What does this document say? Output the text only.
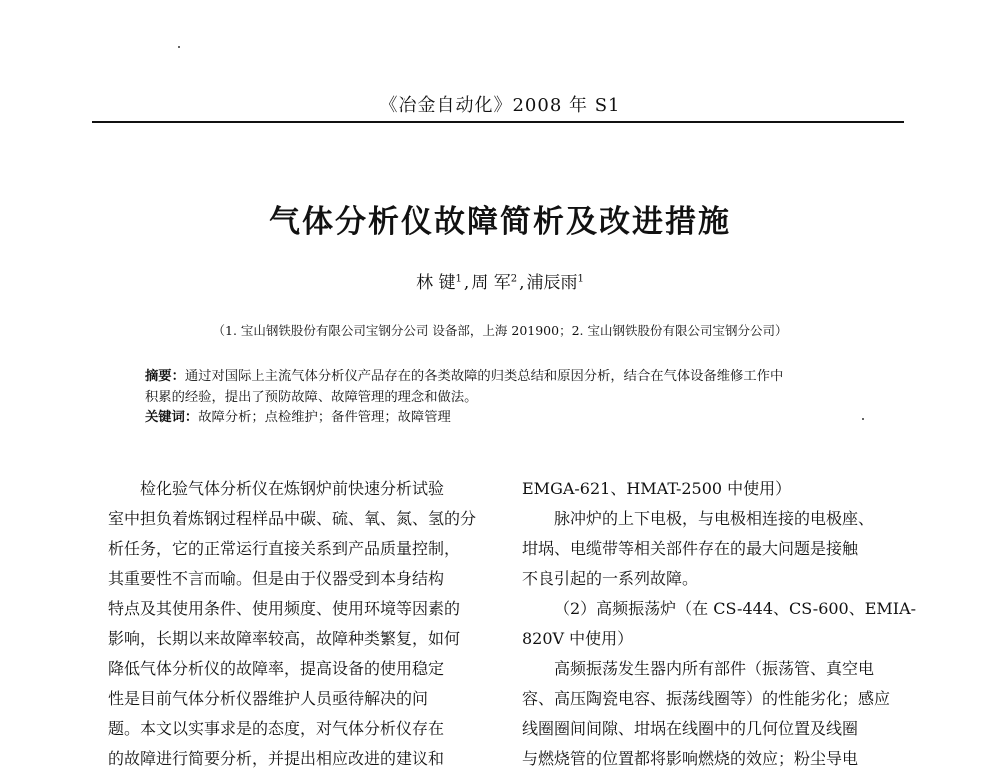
《冶金自动化》2008 年 S1
气体分析仪故障简析及改进措施
林 键$^1$ , 周 军$^2$ , 浦辰雨$^1$
（1. 宝山钢铁股份有限公司宝钢分公司 设备部，上海 201900；2. 宝山钢铁股份有限公司宝钢分公司）
摘要：通过对国际上主流气体分析仪产品存在的各类故障的归类总结和原因分析，结合在气体设备维修工作中
积累的经验，提出了预防故障、故障管理的理念和做法。
关键词：故障分析；点检维护；备件管理；故障管理
检化验气体分析仪在炼钢炉前快速分析试验
室中担负着炼钢过程样品中碳、硫、氧、氮、氢的分
析任务，它的正常运行直接关系到产品质量控制，
其重要性不言而喻。但是由于仪器受到本身结构
特点及其使用条件、使用频度、使用环境等因素的
影响，长期以来故障率较高，故障种类繁复，如何
降低气体分析仪的故障率，提高设备的使用稳定
性是目前气体分析仪器维护人员亟待解决的问
题。本文以实事求是的态度，对气体分析仪存在
的故障进行简要分析，并提出相应改进的建议和
EMGA-621、HMAT-2500 中使用）
脉冲炉的上下电极，与电极相连接的电极座、
坩埚、电缆带等相关部件存在的最大问题是接触
不良引起的一系列故障。
（2）高频振荡炉（在 CS-444、CS-600、EMIA-
820V 中使用）
高频振荡发生器内所有部件（振荡管、真空电
容、高压陶瓷电容、振荡线圈等）的性能劣化；感应
线圈圈间间隙、坩埚在线圈中的几何位置及线圈
与燃烧管的位置都将影响燃烧的效应；粉尘导电
